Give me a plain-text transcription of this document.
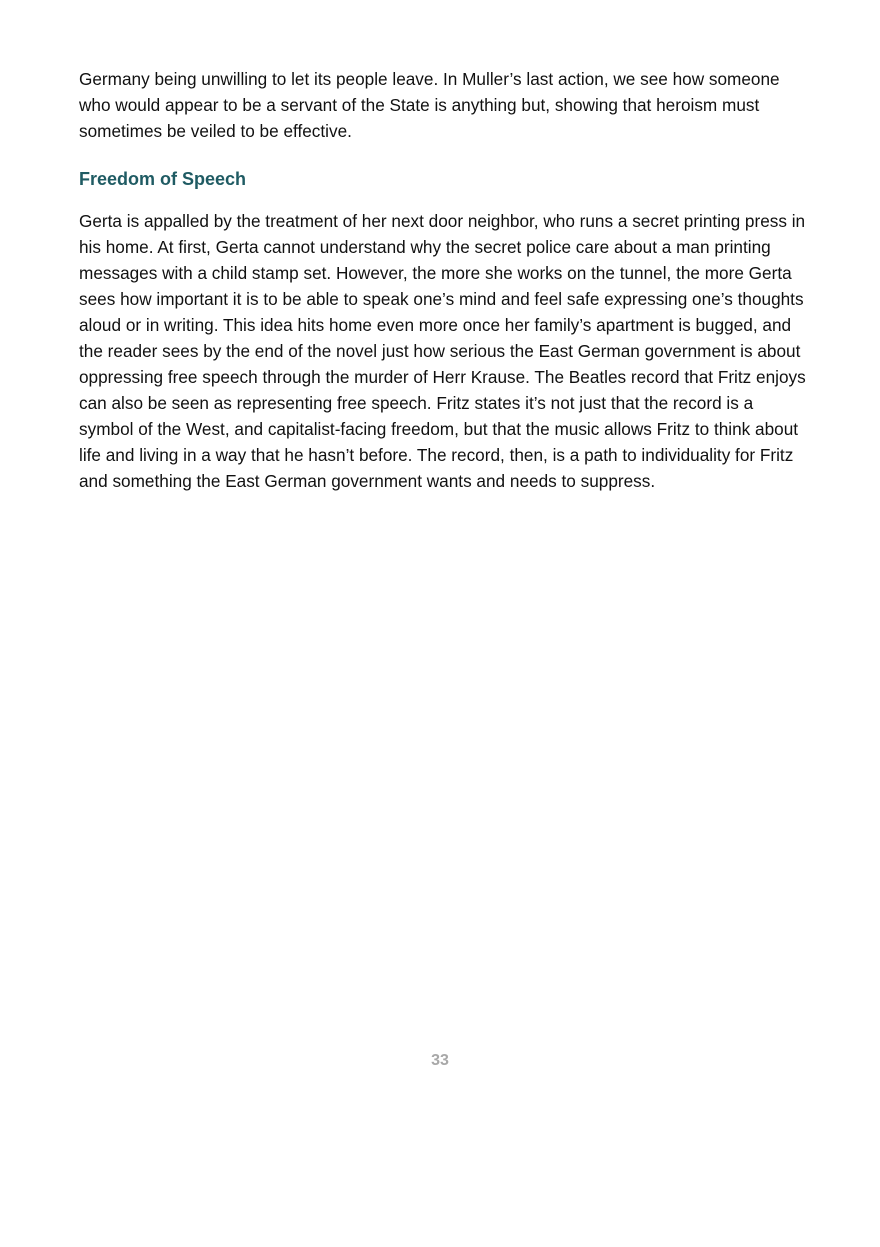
Germany being unwilling to let its people leave. In Muller’s last action, we see how someone who would appear to be a servant of the State is anything but, showing that heroism must sometimes be veiled to be effective.

Freedom of Speech

Gerta is appalled by the treatment of her next door neighbor, who runs a secret printing press in his home. At first, Gerta cannot understand why the secret police care about a man printing messages with a child stamp set. However, the more she works on the tunnel, the more Gerta sees how important it is to be able to speak one’s mind and feel safe expressing one’s thoughts aloud or in writing. This idea hits home even more once her family’s apartment is bugged, and the reader sees by the end of the novel just how serious the East German government is about oppressing free speech through the murder of Herr Krause. The Beatles record that Fritz enjoys can also be seen as representing free speech. Fritz states it’s not just that the record is a symbol of the West, and capitalist-facing freedom, but that the music allows Fritz to think about life and living in a way that he hasn’t before. The record, then, is a path to individuality for Fritz and something the East German government wants and needs to suppress.

33
